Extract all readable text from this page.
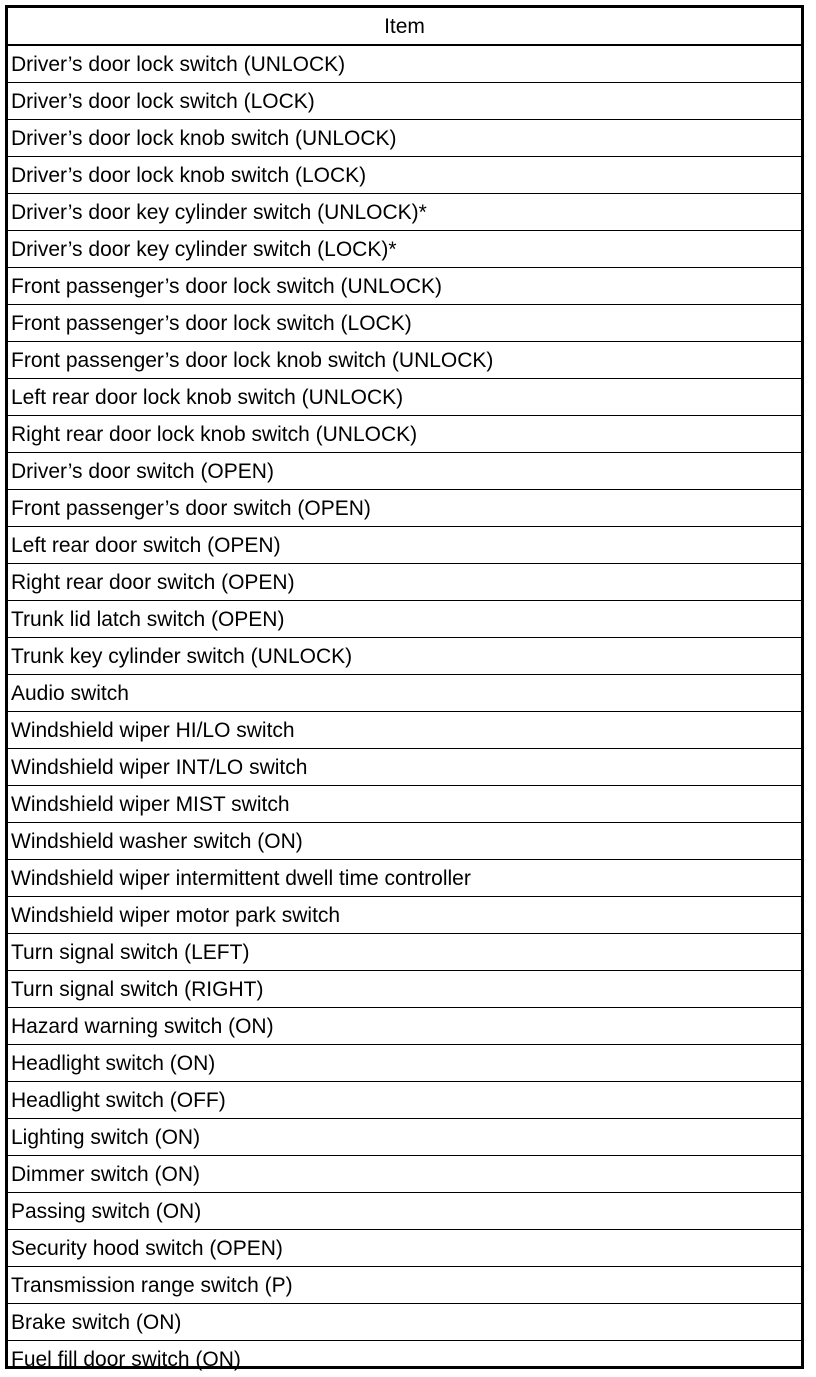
Item
Driver’s door lock switch (UNLOCK)
Driver’s door lock switch (LOCK)
Driver’s door lock knob switch (UNLOCK)
Driver’s door lock knob switch (LOCK)
Driver’s door key cylinder switch (UNLOCK)*
Driver’s door key cylinder switch (LOCK)*
Front passenger’s door lock switch (UNLOCK)
Front passenger’s door lock switch (LOCK)
Front passenger’s door lock knob switch (UNLOCK)
Left rear door lock knob switch (UNLOCK)
Right rear door lock knob switch (UNLOCK)
Driver’s door switch (OPEN)
Front passenger’s door switch (OPEN)
Left rear door switch (OPEN)
Right rear door switch (OPEN)
Trunk lid latch switch (OPEN)
Trunk key cylinder switch (UNLOCK)
Audio switch
Windshield wiper HI/LO switch
Windshield wiper INT/LO switch
Windshield wiper MIST switch
Windshield washer switch (ON)
Windshield wiper intermittent dwell time controller
Windshield wiper motor park switch
Turn signal switch (LEFT)
Turn signal switch (RIGHT)
Hazard warning switch (ON)
Headlight switch (ON)
Headlight switch (OFF)
Lighting switch (ON)
Dimmer switch (ON)
Passing switch (ON)
Security hood switch (OPEN)
Transmission range switch (P)
Brake switch (ON)
Fuel fill door switch (ON)
